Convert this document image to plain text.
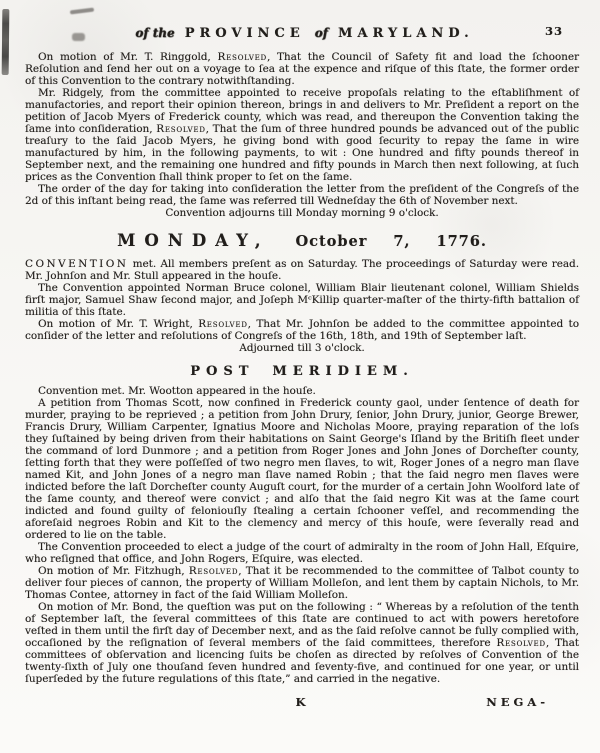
of the PROVINCE of MARYLAND.	33

On motion of Mr. T. Ringgold, Resolved, That the Council of Safety fit and load the ſchooner Reſolution and ſend her out on a voyage to ſea at the expence and riſque of this ſtate, the former order of this Convention to the contrary notwithſtanding.

Mr. Ridgely, from the committee appointed to receive propoſals relating to the eſtabliſhment of manufactories, and report their opinion thereon, brings in and delivers to Mr. Preſident a report on the petition of Jacob Myers of Frederick county, which was read, and thereupon the Convention taking the ſame into conſideration, Resolved, That the ſum of three hundred pounds be advanced out of the public treaſury to the ſaid Jacob Myers, he giving bond with good ſecurity to repay the ſame in wire manufactured by him, in the following payments, to wit : One hundred and fifty pounds thereof in September next, and the remaining one hundred and fifty pounds in March then next following, at ſuch prices as the Convention ſhall think proper to ſet on the ſame.

The order of the day for taking into conſideration the letter from the preſident of the Congreſs of the 2d of this inſtant being read, the ſame was referred till Wedneſday the 6th of November next.

Convention adjourns till Monday morning 9 o'clock.

MONDAY, October 7, 1776.

CONVENTION met. All members preſent as on Saturday. The proceedings of Saturday were read. Mr. Johnſon and Mr. Stull appeared in the houſe.

The Convention appointed Norman Bruce colonel, William Blair lieutenant colonel, William Shields firſt major, Samuel Shaw ſecond major, and Joſeph MᶜKillip quarter-maſter of the thirty-fifth battalion of militia of this ſtate.

On motion of Mr. T. Wright, Resolved, That Mr. Johnſon be added to the committee appointed to conſider of the letter and reſolutions of Congreſs of the 16th, 18th, and 19th of September laſt.

Adjourned till 3 o'clock.

POST MERIDIEM.

Convention met. Mr. Wootton appeared in the houſe.

A petition from Thomas Scott, now confined in Frederick county gaol, under ſentence of death for murder, praying to be reprieved ; a petition from John Drury, ſenior, John Drury, junior, George Brewer, Francis Drury, William Carpenter, Ignatius Moore and Nicholas Moore, praying reparation of the loſs they ſuſtained by being driven from their habitations on Saint George's Iſland by the Britiſh fleet under the command of lord Dunmore ; and a petition from Roger Jones and John Jones of Dorcheſter county, ſetting forth that they were poſſeſſed of two negro men ſlaves, to wit, Roger Jones of a negro man ſlave named Kit, and John Jones of a negro man ſlave named Robin ; that the ſaid negro men ſlaves were indicted before the laſt Dorcheſter county Auguſt court, for the murder of a certain John Woolford late of the ſame county, and thereof were convict ; and alſo that the ſaid negro Kit was at the ſame court indicted and found guilty of feloniouſly ſtealing a certain ſchooner veſſel, and recommending the aforeſaid negroes Robin and Kit to the clemency and mercy of this houſe, were ſeverally read and ordered to lie on the table.

The Convention proceeded to elect a judge of the court of admiralty in the room of John Hall, Eſquire, who reſigned that office, and John Rogers, Eſquire, was elected.

On motion of Mr. Fitzhugh, Resolved, That it be recommended to the committee of Talbot county to deliver four pieces of cannon, the property of William Molleſon, and lent them by captain Nichols, to Mr. Thomas Contee, attorney in fact of the ſaid William Molleſon.

On motion of Mr. Bond, the queſtion was put on the following : “ Whereas by a reſolution of the tenth of September laſt, the ſeveral committees of this ſtate are continued to act with powers heretofore veſted in them until the firſt day of December next, and as the ſaid reſolve cannot be fully complied with, occaſioned by the reſignation of ſeveral members of the ſaid committees, therefore Resolved, That committees of obſervation and licencing ſuits be choſen as directed by reſolves of Convention of the twenty-ſixth of July one thouſand ſeven hundred and ſeventy-five, and continued for one year, or until ſuperſeded by the future regulations of this ſtate,” and carried in the negative.

K	NEGA-
